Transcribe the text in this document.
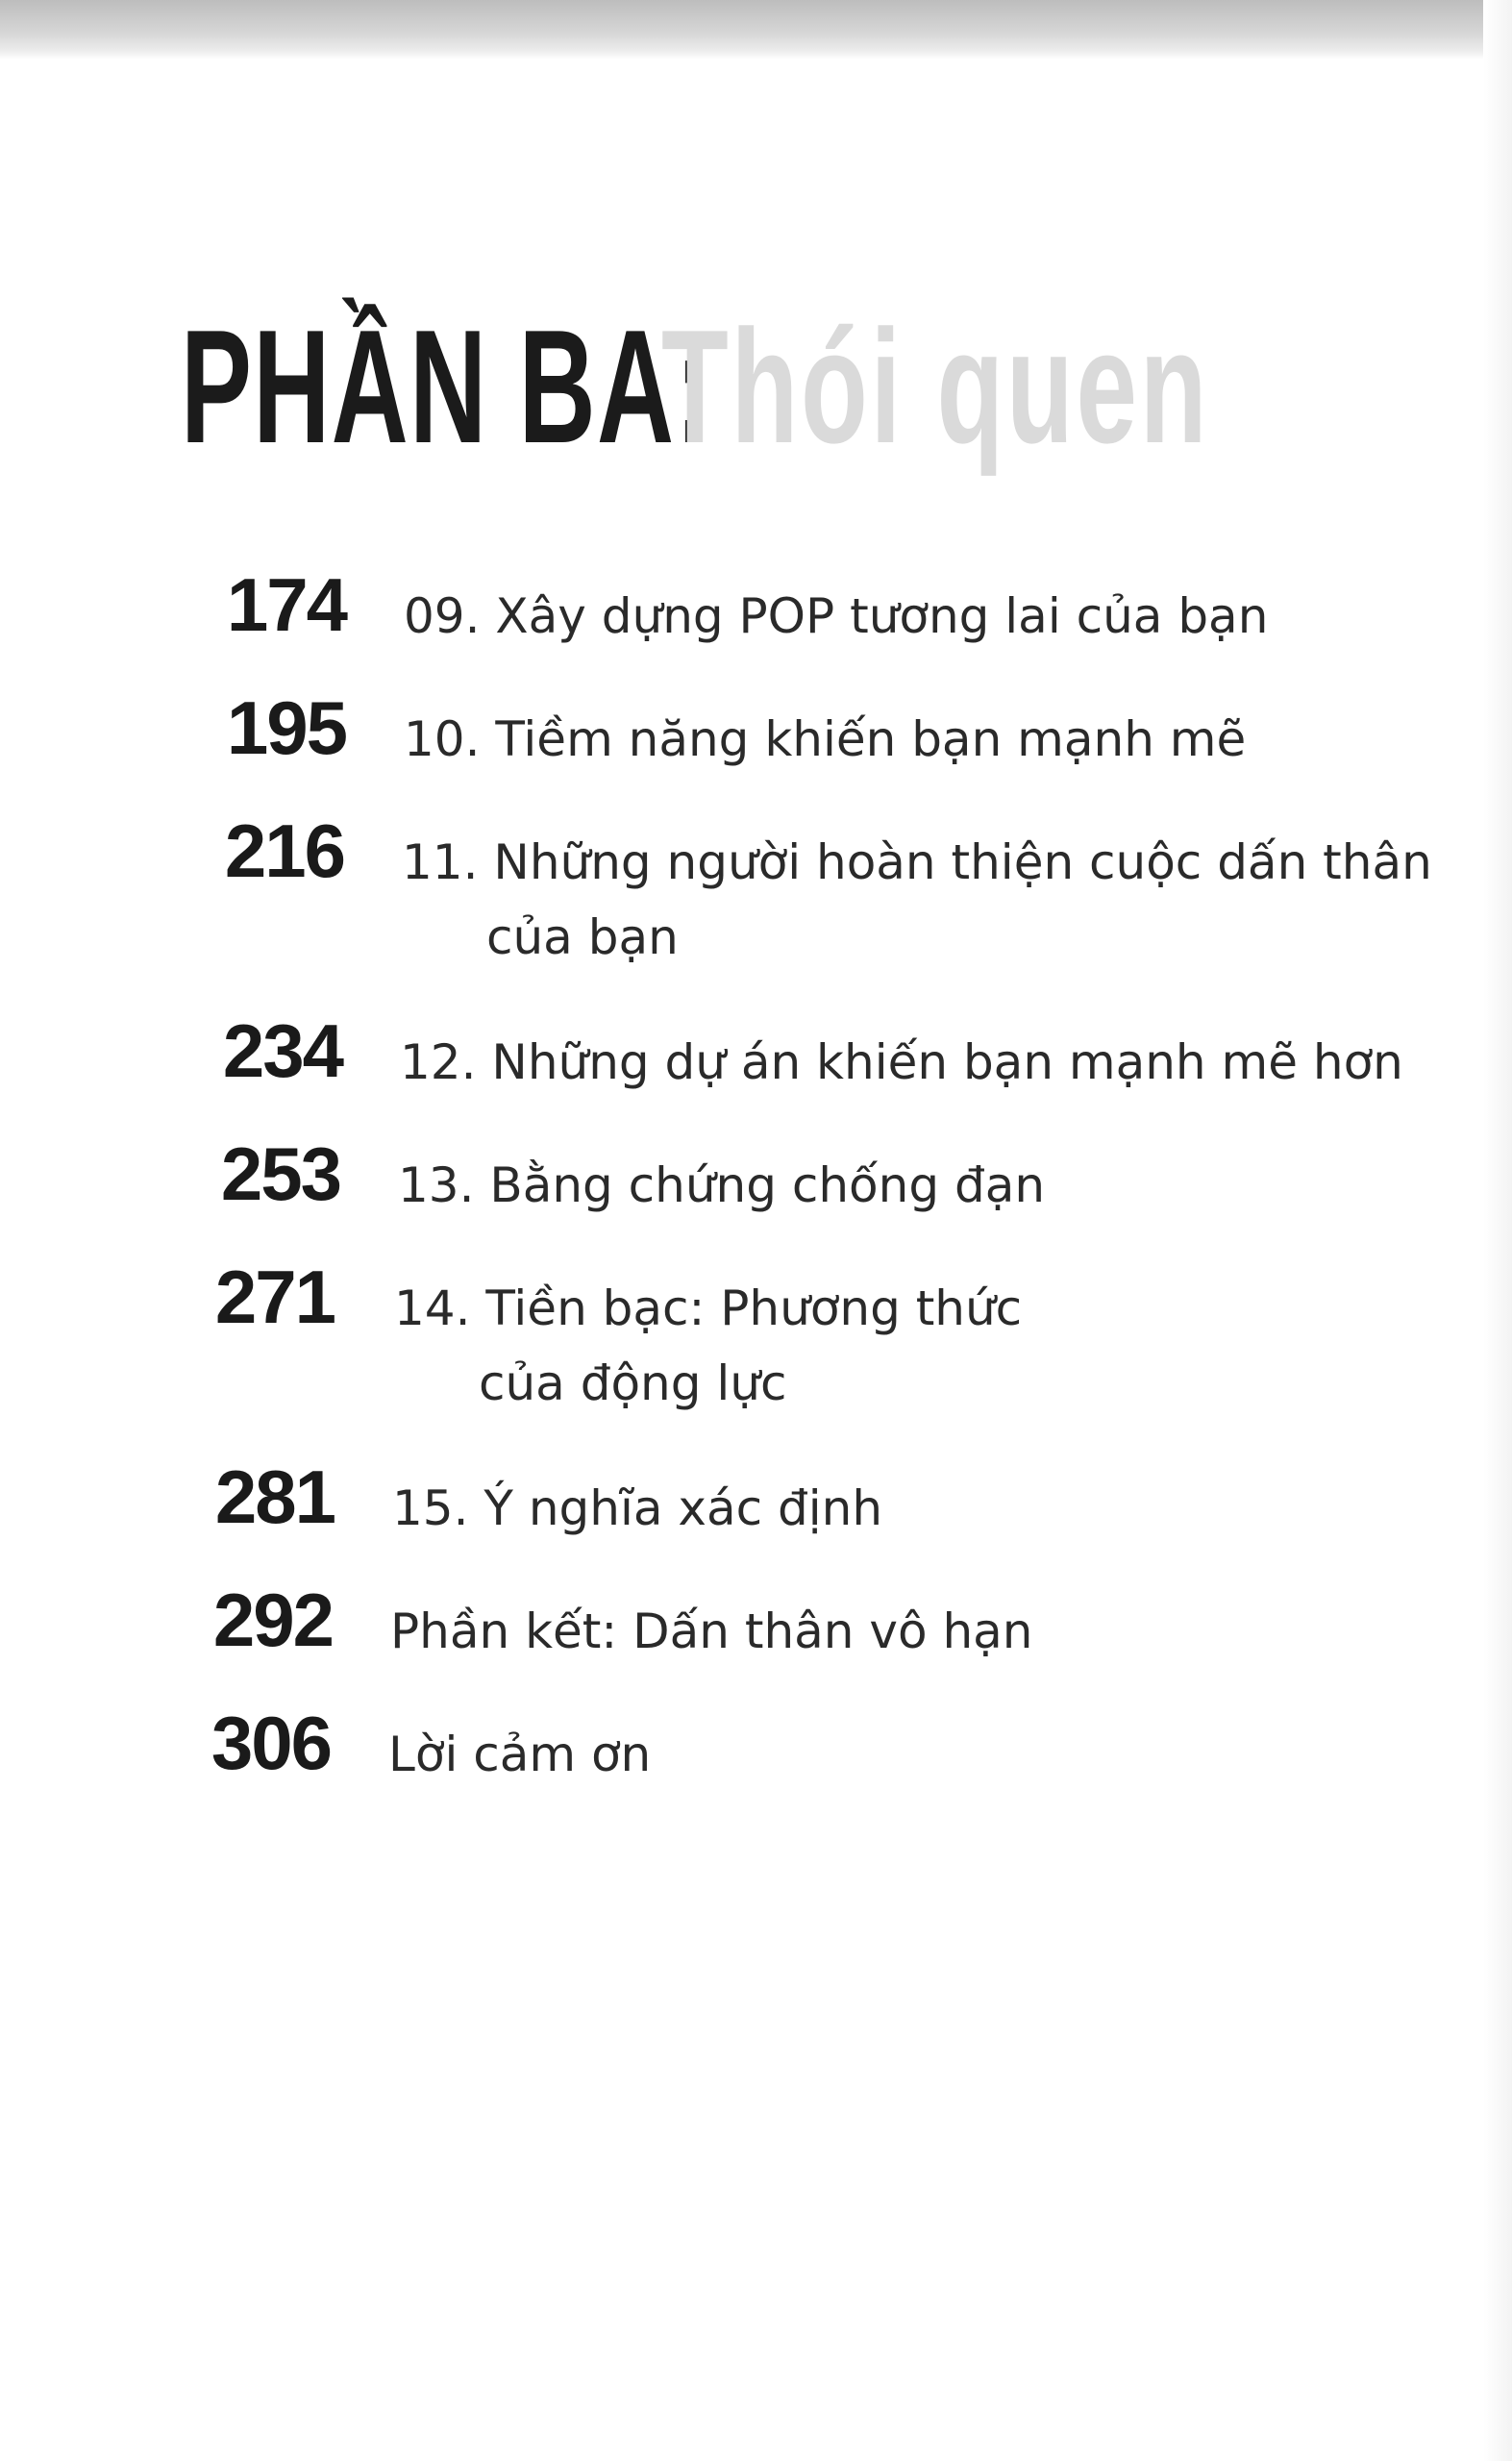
PHẦN BA:
Thói quen
174 09. Xây dựng POP tương lai của bạn
195 10. Tiềm năng khiến bạn mạnh mẽ
216 11. Những người hoàn thiện cuộc dấn thân
của bạn
234 12. Những dự án khiến bạn mạnh mẽ hơn
253 13. Bằng chứng chống đạn
271 14. Tiền bạc: Phương thức
của động lực
281 15. Ý nghĩa xác định
292 Phần kết: Dấn thân vô hạn
306 Lời cảm ơn
